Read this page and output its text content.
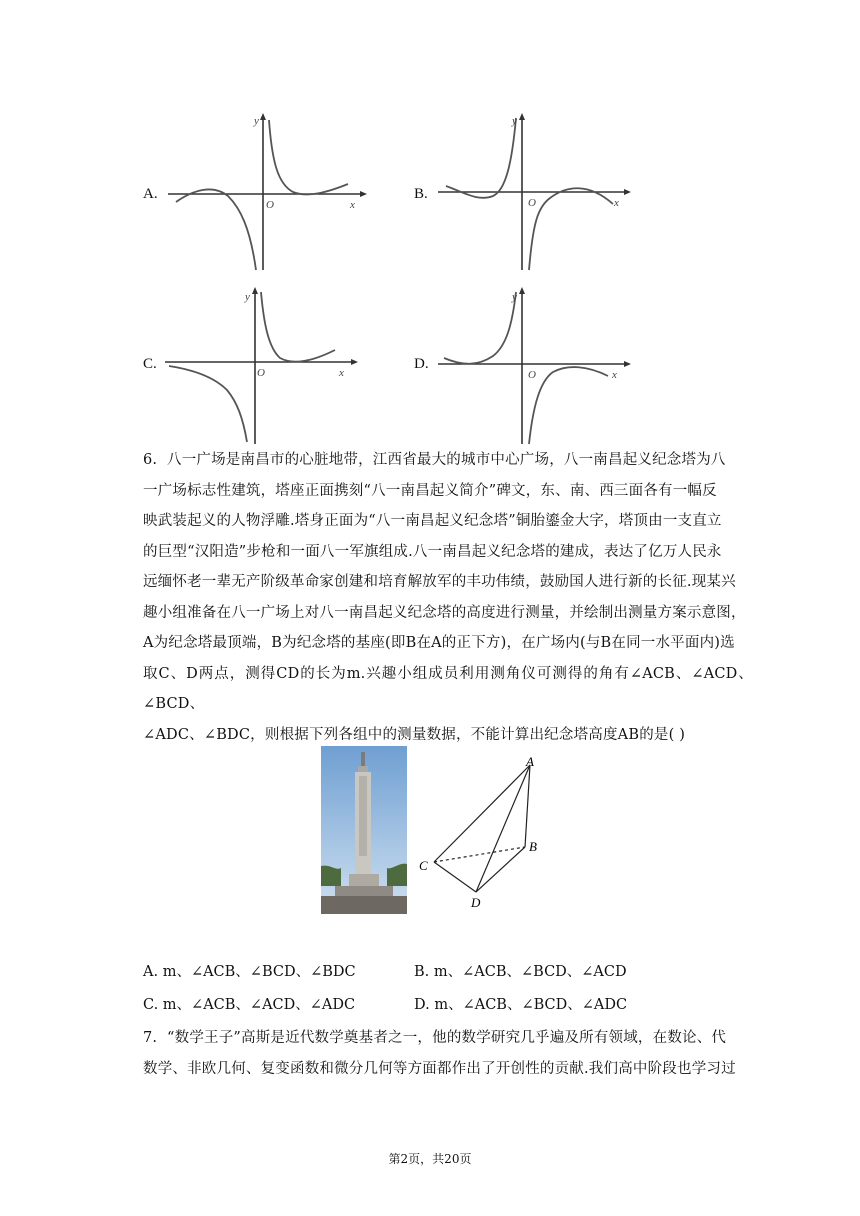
A.
y
O	x
B.
y
O	x
C.
y
O	x
D.
y
O	x
6. 八一广场是南昌市的心脏地带，江西省最大的城市中心广场，八一南昌起义纪念塔为八
一广场标志性建筑，塔座正面携刻“八一南昌起义简介”碑文，东、南、西三面各有一幅反
映武装起义的人物浮雕.塔身正面为“八一南昌起义纪念塔”铜胎鎏金大字，塔顶由一支直立
的巨型“汉阳造”步枪和一面八一军旗组成.八一南昌起义纪念塔的建成，表达了亿万人民永
远缅怀老一辈无产阶级革命家创建和培育解放军的丰功伟绩，鼓励国人进行新的长征.现某兴
趣小组准备在八一广场上对八一南昌起义纪念塔的高度进行测量，并绘制出测量方案示意图，
A为纪念塔最顶端，B为纪念塔的基座(即B在A的正下方)，在广场内(与B在同一水平面内)选
取C、D两点，测得CD的长为m.兴趣小组成员利用测角仪可测得的角有∠ACB、∠ACD、∠BCD、
∠ADC、∠BDC，则根据下列各组中的测量数据，不能计算出纪念塔高度AB的是( )
A
B
C
D
A. m、∠ACB、∠BCD、∠BDC	B. m、∠ACB、∠BCD、∠ACD
C. m、∠ACB、∠ACD、∠ADC	D. m、∠ACB、∠BCD、∠ADC
7. “数学王子”高斯是近代数学奠基者之一，他的数学研究几乎遍及所有领域，在数论、代
数学、非欧几何、复变函数和微分几何等方面都作出了开创性的贡献.我们高中阶段也学习过
第2页，共20页
